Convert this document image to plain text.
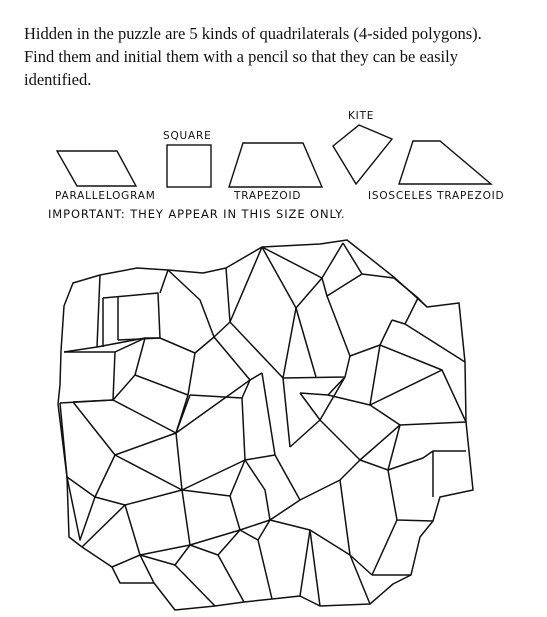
Hidden in the puzzle are 5 kinds of quadrilaterals (4-sided polygons).
Find them and initial them with a pencil so that they can be easily
identified.
KITE
SQUARE
PARALLELOGRAM	TRAPEZOID	ISOSCELES TRAPEZOID
IMPORTANT: THEY APPEAR IN THIS SIZE ONLY.
